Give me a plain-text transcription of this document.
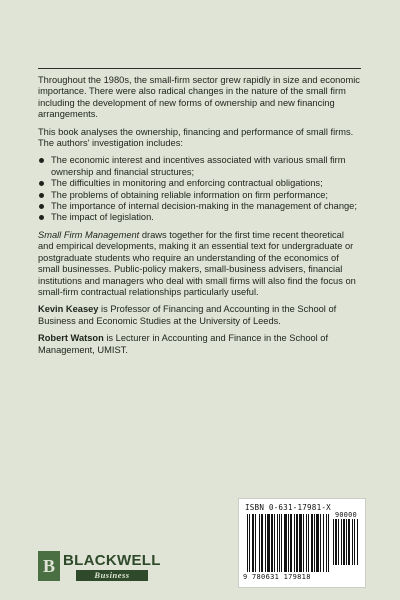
Throughout the 1980s, the small-firm sector grew rapidly in size and economic importance. There were also radical changes in the nature of the small firm including the development of new forms of ownership and new financing arrangements.

This book analyses the ownership, financing and performance of small firms. The authors' investigation includes:

The economic interest and incentives associated with various small firm ownership and financial structures;
The difficulties in monitoring and enforcing contractual obligations;
The problems of obtaining reliable information on firm performance;
The importance of internal decision-making in the management of change;
The impact of legislation.

Small Firm Management draws together for the first time recent theoretical and empirical developments, making it an essential text for undergraduate or postgraduate students who require an understanding of the economics of small businesses. Public-policy makers, small-business advisers, financial institutions and managers who deal with small firms will also find the focus on small-firm contractual relationships particularly useful.

Kevin Keasey is Professor of Financing and Accounting in the School of Business and Economic Studies at the University of Leeds.

Robert Watson is Lecturer in Accounting and Finance in the School of Management, UMIST.

ISBN 0-631-17981-X
90000
9 780631 179818
B BLACKWELL
Business
